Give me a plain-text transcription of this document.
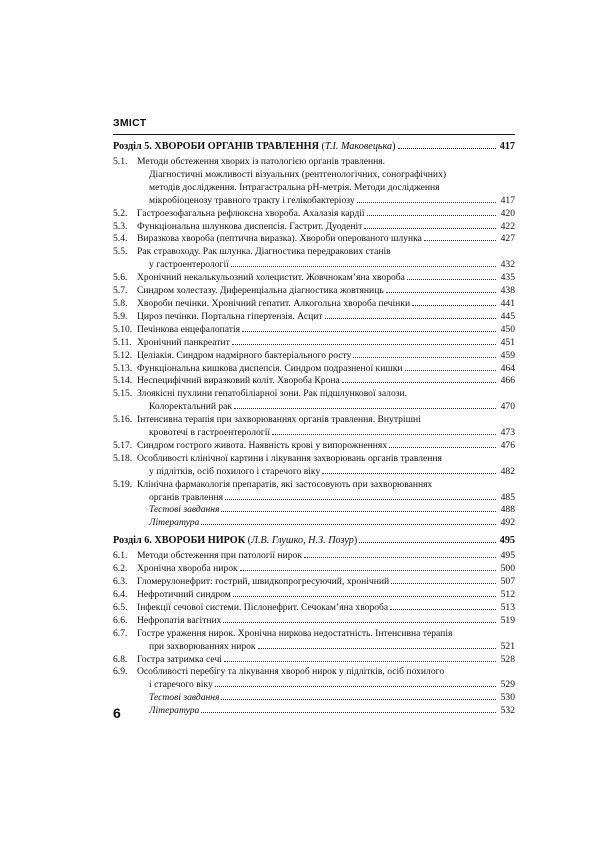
ЗМІСТ
Розділ 5. ХВОРОБИ ОРГАНІВ ТРАВЛЕННЯ (Т.І. Маковецька)	417
5.1.	Методи обстеження хворих із патологією органів травлення.
Діагностичні можливості візуальних (рентгенологічних, сонографічних)
методів дослідження. Інтрагастральна рН-метрія. Методи дослідження
мікробіоценозу травного тракту і гелікобактеріозу	417
5.2.	Гастроезофагальна рефлюксна хвороба. Ахалазія кардії	420
5.3.	Функціональна шлункова диспепсія. Гастрит. Дуоденіт	422
5.4.	Виразкова хвороба (пептична виразка). Хвороби оперованого шлунка	427
5.5.	Рак стравоходу. Рак шлунка. Діагностика передракових станів
у гастроентерології	432
5.6.	Хронічний некалькульозний холецистит. Жовчнокам’яна хвороба	435
5.7.	Синдром холестазу. Диференціальна діагностика жовтяниць	438
5.8.	Хвороби печінки. Хронічний гепатит. Алкогольна хвороба печінки	441
5.9.	Цироз печінки. Портальна гіпертензія. Асцит	445
5.10. Печінкова енцефалопатія	450
5.11. Хронічний панкреатит	451
5.12. Целіакія. Синдром надмірного бактеріального росту	459
5.13. Функціональна кишкова диспепсія. Синдром подразненої кишки	464
5.14. Неспецифічний виразковий коліт. Хвороба Крона	466
5.15. Злоякісні пухлини гепатобіліарної зони. Рак підшлункової залози.
Колоректальний рак	470
5.16. Інтенсивна терапія при захворюваннях органів травлення. Внутрішні
кровотечі в гастроентерології	473
5.17. Синдром гострого живота. Наявність крові у випорожненнях	476
5.18. Особливості клінічної картини і лікування захворювань органів травлення
у підлітків, осіб похилого і старечого віку	482
5.19. Клінічна фармакологія препаратів, які застосовують при захворюваннях
органів травлення	485
Тестові завдання	488
Література	492
Розділ 6. ХВОРОБИ НИРОК (Л.В. Глушко, Н.З. Позур)	495
6.1.	Методи обстеження при патології нирок	495
6.2.	Хронічна хвороба нирок	500
6.3.	Гломерулонефрит: гострий, швидкопрогресуючий, хронічний	507
6.4.	Нефротичний синдром	512
6.5.	Інфекції сечової системи. Пієлонефрит. Сечокам’яна хвороба	513
6.6.	Нефропатія вагітних	519
6.7.	Гостре ураження нирок. Хронічна ниркова недостатність. Інтенсивна терапія
при захворюваннях нирок	521
6.8.	Гостра затримка сечі	528
6.9.	Особливості перебігу та лікування хвороб нирок у підлітків, осіб похилого
і старечого віку	529
Тестові завдання	530
Література	532
6
